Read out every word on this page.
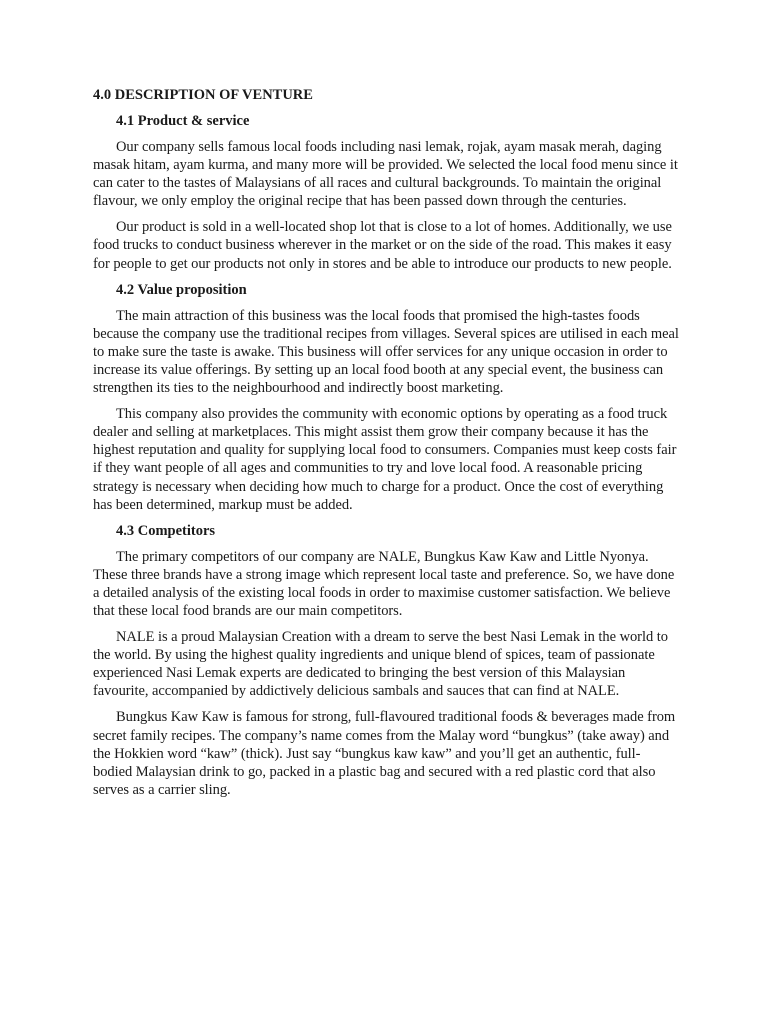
4.0 DESCRIPTION OF VENTURE
4.1 Product & service

Our company sells famous local foods including nasi lemak, rojak, ayam masak merah, daging masak hitam, ayam kurma, and many more will be provided. We selected the local food menu since it can cater to the tastes of Malaysians of all races and cultural backgrounds. To maintain the original flavour, we only employ the original recipe that has been passed down through the centuries.

Our product is sold in a well-located shop lot that is close to a lot of homes. Additionally, we use food trucks to conduct business wherever in the market or on the side of the road. This makes it easy for people to get our products not only in stores and be able to introduce our products to new people.

4.2 Value proposition

The main attraction of this business was the local foods that promised the high-tastes foods because the company use the traditional recipes from villages. Several spices are utilised in each meal to make sure the taste is awake. This business will offer services for any unique occasion in order to increase its value offerings. By setting up an local food booth at any special event, the business can strengthen its ties to the neighbourhood and indirectly boost marketing.

This company also provides the community with economic options by operating as a food truck dealer and selling at marketplaces. This might assist them grow their company because it has the highest reputation and quality for supplying local food to consumers. Companies must keep costs fair if they want people of all ages and communities to try and love local food. A reasonable pricing strategy is necessary when deciding how much to charge for a product. Once the cost of everything has been determined, markup must be added.

4.3 Competitors

The primary competitors of our company are NALE, Bungkus Kaw Kaw and Little Nyonya. These three brands have a strong image which represent local taste and preference. So, we have done a detailed analysis of the existing local foods in order to maximise customer satisfaction. We believe that these local food brands are our main competitors.

NALE is a proud Malaysian Creation with a dream to serve the best Nasi Lemak in the world to the world. By using the highest quality ingredients and unique blend of spices, team of passionate experienced Nasi Lemak experts are dedicated to bringing the best version of this Malaysian favourite, accompanied by addictively delicious sambals and sauces that can find at NALE.

Bungkus Kaw Kaw is famous for strong, full-flavoured traditional foods & beverages made from secret family recipes. The company’s name comes from the Malay word “bungkus” (take away) and the Hokkien word “kaw” (thick). Just say “bungkus kaw kaw” and you’ll get an authentic, full-bodied Malaysian drink to go, packed in a plastic bag and secured with a red plastic cord that also serves as a carrier sling.
